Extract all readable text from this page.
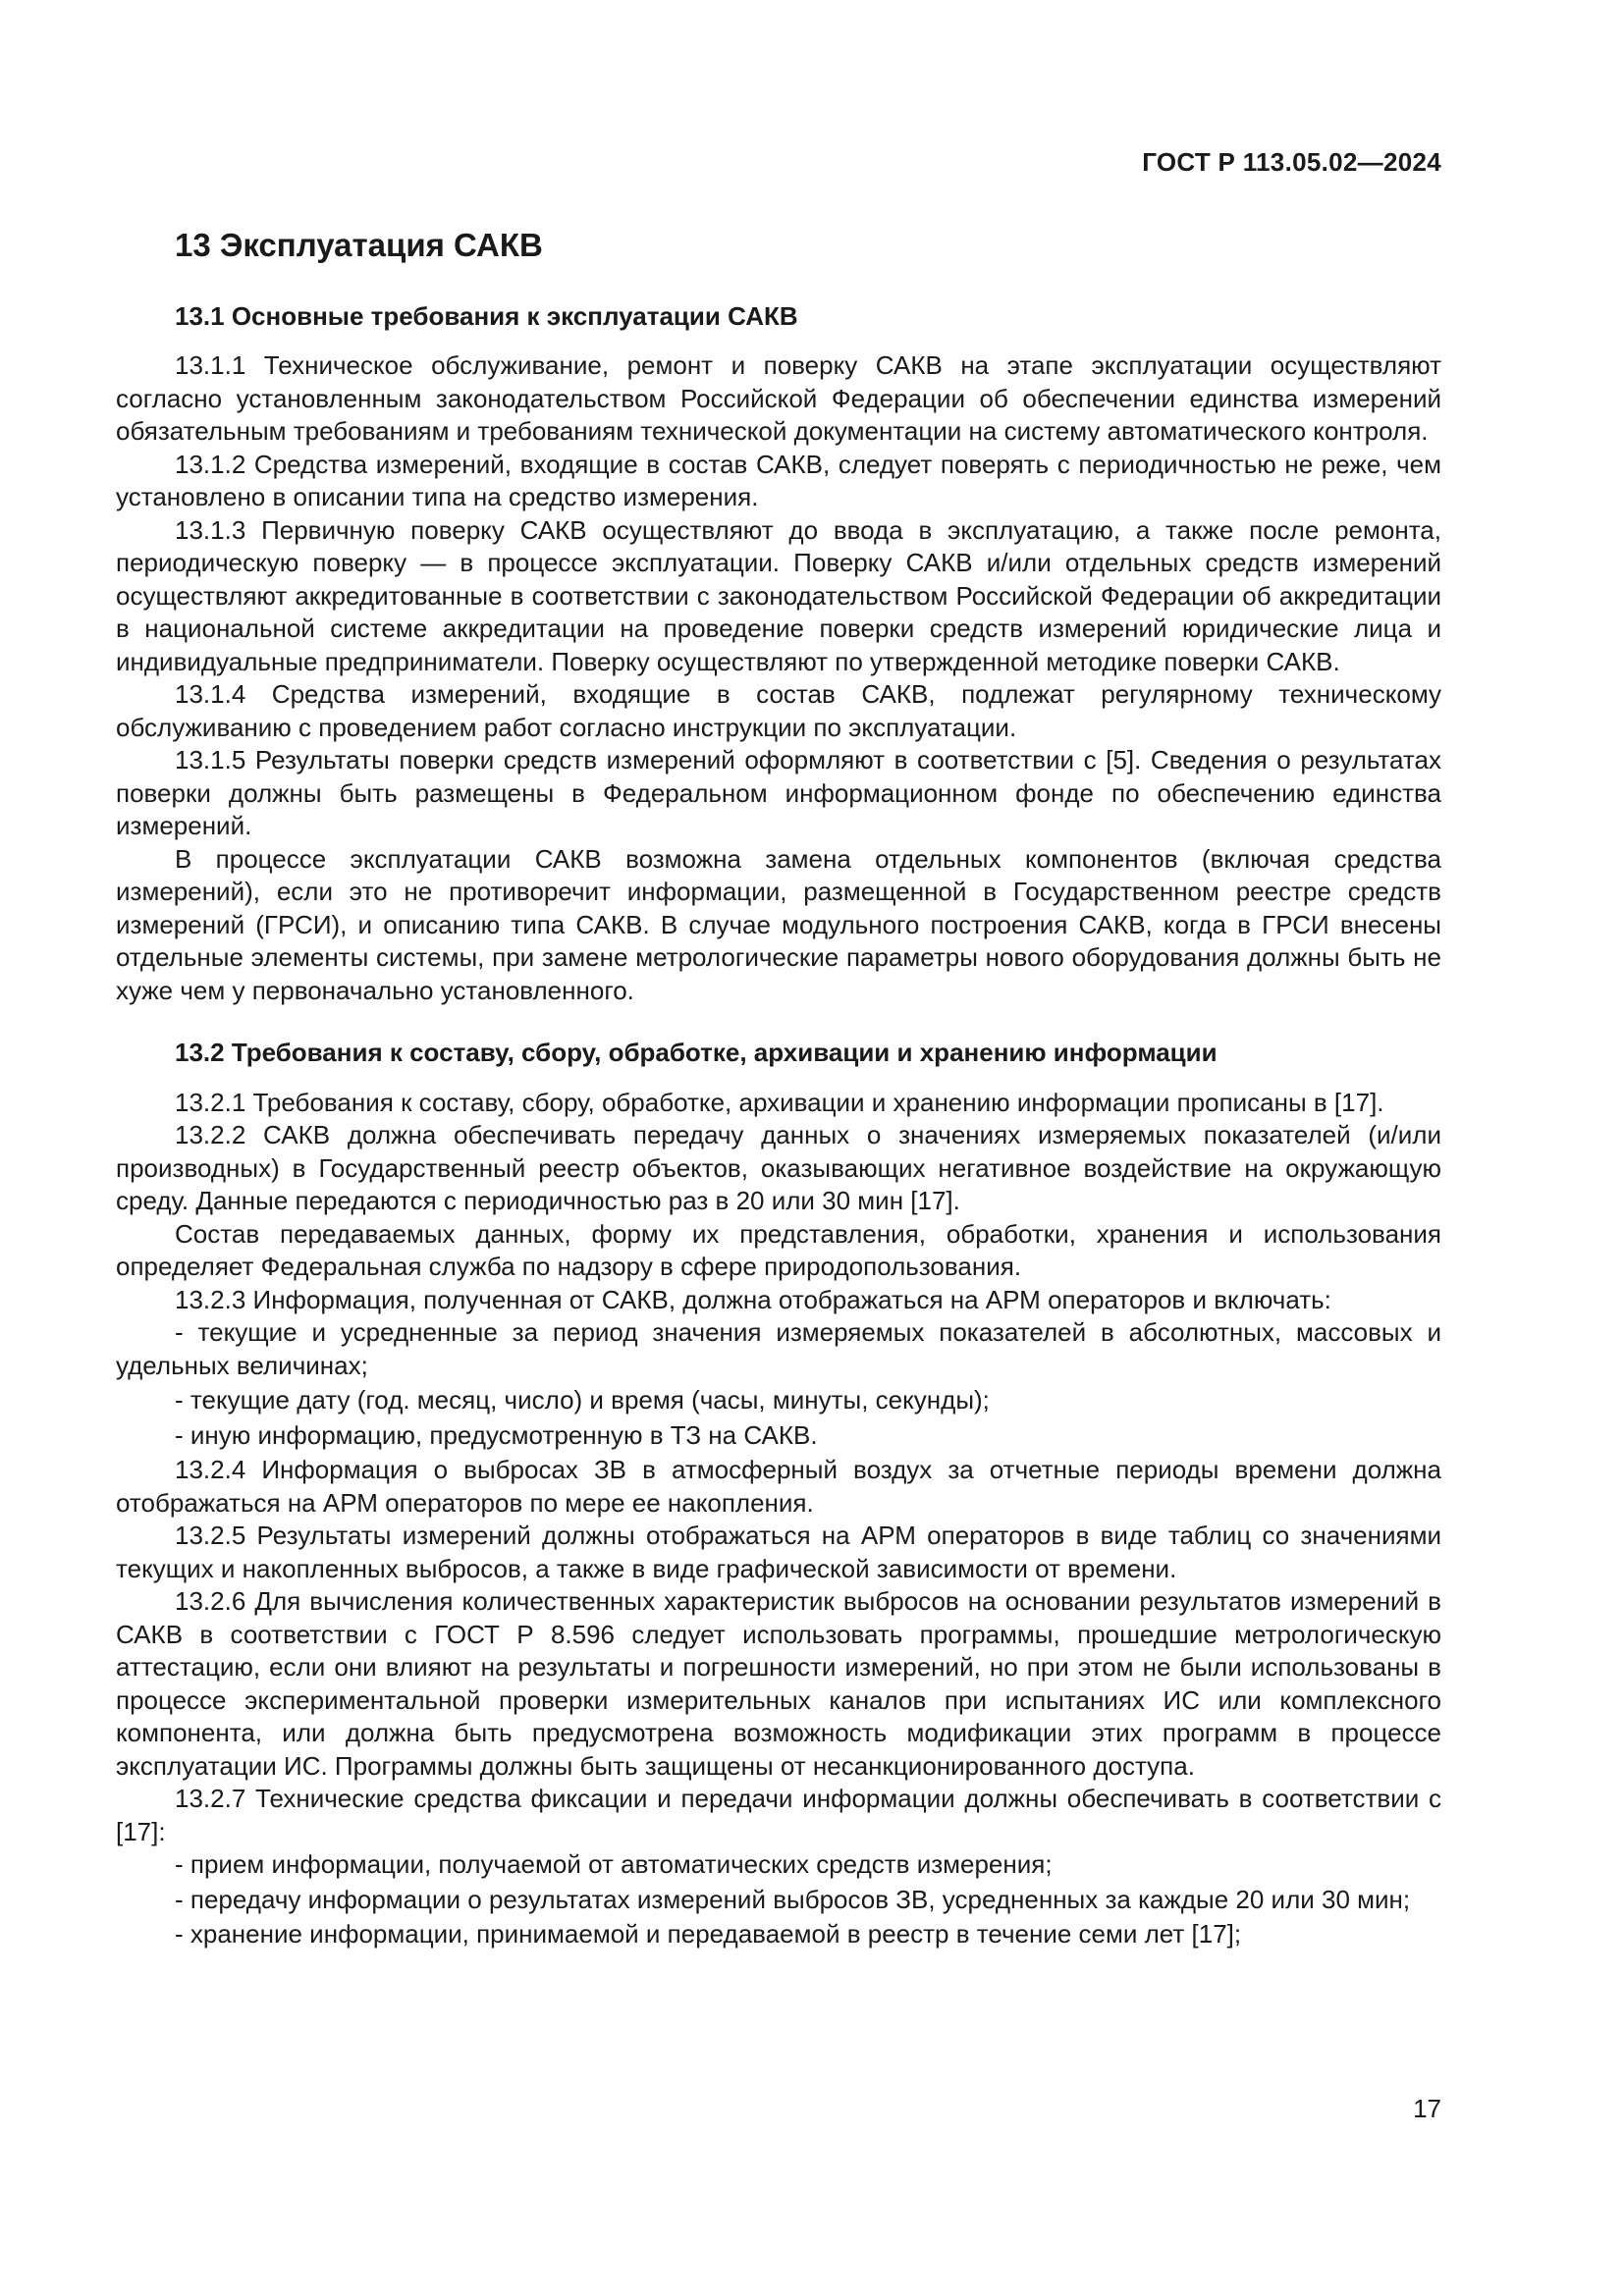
ГОСТ Р 113.05.02—2024
13 Эксплуатация САКВ
13.1 Основные требования к эксплуатации САКВ

13.1.1 Техническое обслуживание, ремонт и поверку САКВ на этапе эксплуатации осуществляют согласно установленным законодательством Российской Федерации об обеспечении единства измерений обязательным требованиям и требованиям технической документации на систему автоматического контроля.

13.1.2 Средства измерений, входящие в состав САКВ, следует поверять с периодичностью не реже, чем установлено в описании типа на средство измерения.

13.1.3 Первичную поверку САКВ осуществляют до ввода в эксплуатацию, а также после ремонта, периодическую поверку — в процессе эксплуатации. Поверку САКВ и/или отдельных средств измерений осуществляют аккредитованные в соответствии с законодательством Российской Федерации об аккредитации в национальной системе аккредитации на проведение поверки средств измерений юридические лица и индивидуальные предприниматели. Поверку осуществляют по утвержденной методике поверки САКВ.

13.1.4 Средства измерений, входящие в состав САКВ, подлежат регулярному техническому обслуживанию с проведением работ согласно инструкции по эксплуатации.

13.1.5 Результаты поверки средств измерений оформляют в соответствии с [5]. Сведения о результатах поверки должны быть размещены в Федеральном информационном фонде по обеспечению единства измерений.

В процессе эксплуатации САКВ возможна замена отдельных компонентов (включая средства измерений), если это не противоречит информации, размещенной в Государственном реестре средств измерений (ГРСИ), и описанию типа САКВ. В случае модульного построения САКВ, когда в ГРСИ внесены отдельные элементы системы, при замене метрологические параметры нового оборудования должны быть не хуже чем у первоначально установленного.

13.2 Требования к составу, сбору, обработке, архивации и хранению информации

13.2.1 Требования к составу, сбору, обработке, архивации и хранению информации прописаны в [17].

13.2.2 САКВ должна обеспечивать передачу данных о значениях измеряемых показателей (и/или производных) в Государственный реестр объектов, оказывающих негативное воздействие на окружающую среду. Данные передаются с периодичностью раз в 20 или 30 мин [17].

Состав передаваемых данных, форму их представления, обработки, хранения и использования определяет Федеральная служба по надзору в сфере природопользования.

13.2.3 Информация, полученная от САКВ, должна отображаться на АРМ операторов и включать:

- текущие и усредненные за период значения измеряемых показателей в абсолютных, массовых и удельных величинах;

- текущие дату (год. месяц, число) и время (часы, минуты, секунды);

- иную информацию, предусмотренную в ТЗ на САКВ.

13.2.4 Информация о выбросах ЗВ в атмосферный воздух за отчетные периоды времени должна отображаться на АРМ операторов по мере ее накопления.

13.2.5 Результаты измерений должны отображаться на АРМ операторов в виде таблиц со значениями текущих и накопленных выбросов, а также в виде графической зависимости от времени.

13.2.6 Для вычисления количественных характеристик выбросов на основании результатов измерений в САКВ в соответствии с ГОСТ Р 8.596 следует использовать программы, прошедшие метрологическую аттестацию, если они влияют на результаты и погрешности измерений, но при этом не были использованы в процессе экспериментальной проверки измерительных каналов при испытаниях ИС или комплексного компонента, или должна быть предусмотрена возможность модификации этих программ в процессе эксплуатации ИС. Программы должны быть защищены от несанкционированного доступа.

13.2.7 Технические средства фиксации и передачи информации должны обеспечивать в соответствии с [17]:

- прием информации, получаемой от автоматических средств измерения;

- передачу информации о результатах измерений выбросов ЗВ, усредненных за каждые 20 или 30 мин;

- хранение информации, принимаемой и передаваемой в реестр в течение семи лет [17];

17
